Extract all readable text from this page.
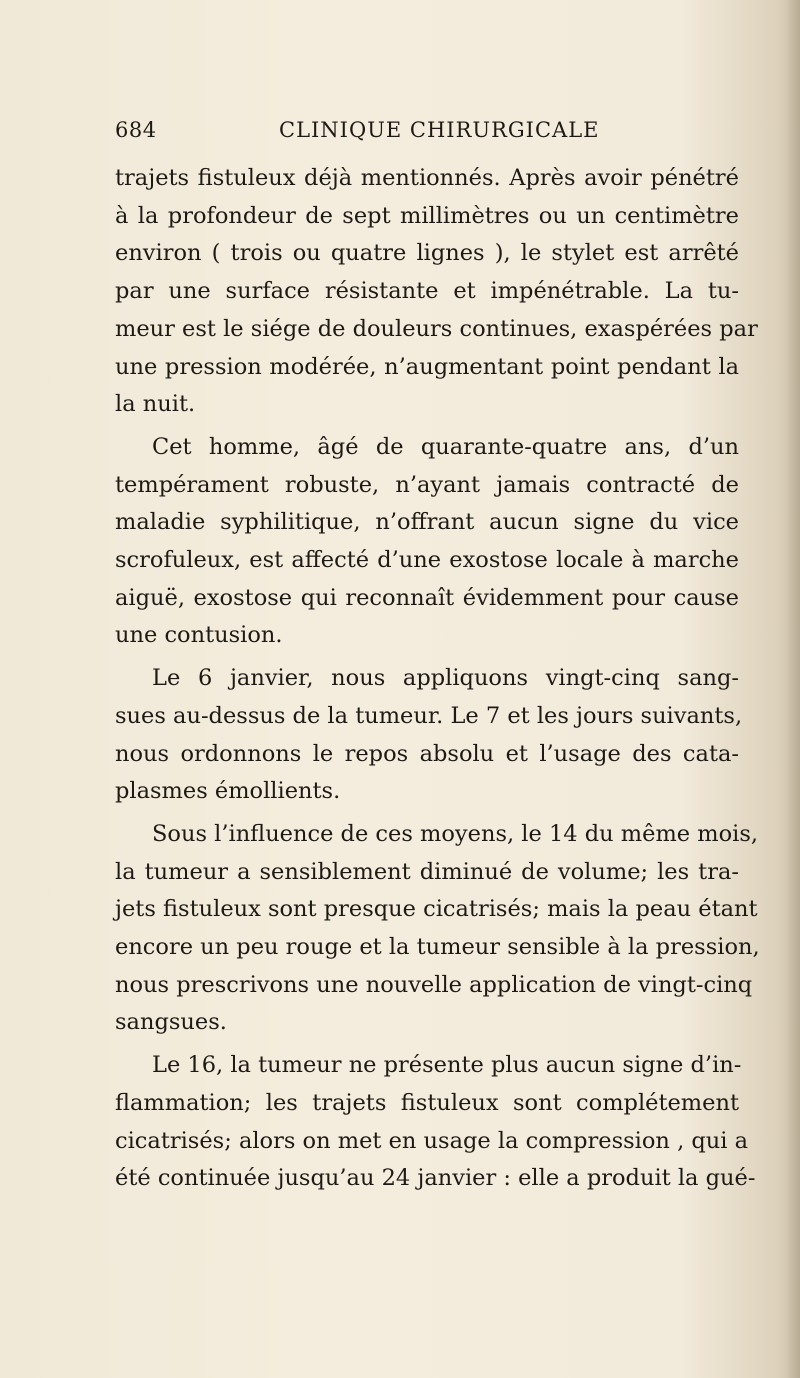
684	CLINIQUE CHIRURGICALE
trajets fistuleux déjà mentionnés. Après avoir pénétré
à la profondeur de sept millimètres ou un centimètre
environ ( trois ou quatre lignes ), le stylet est arrêté
par une surface résistante et impénétrable. La tu-
meur est le siége de douleurs continues, exaspérées par
une pression modérée, n’augmentant point pendant la
la nuit.
Cet homme, âgé de quarante-quatre ans, d’un
tempérament robuste, n’ayant jamais contracté de
maladie syphilitique, n’offrant aucun signe du vice
scrofuleux, est affecté d’une exostose locale à marche
aiguë, exostose qui reconnaît évidemment pour cause
une contusion.
Le 6 janvier, nous appliquons vingt-cinq sang-
sues au-dessus de la tumeur. Le 7 et les jours suivants,
nous ordonnons le repos absolu et l’usage des cata-
plasmes émollients.
Sous l’influence de ces moyens, le 14 du même mois,
la tumeur a sensiblement diminué de volume; les tra-
jets fistuleux sont presque cicatrisés; mais la peau étant
encore un peu rouge et la tumeur sensible à la pression,
nous prescrivons une nouvelle application de vingt-cinq
sangsues.
Le 16, la tumeur ne présente plus aucun signe d’in-
flammation; les trajets fistuleux sont complétement
cicatrisés; alors on met en usage la compression , qui a
été continuée jusqu’au 24 janvier : elle a produit la gué-
